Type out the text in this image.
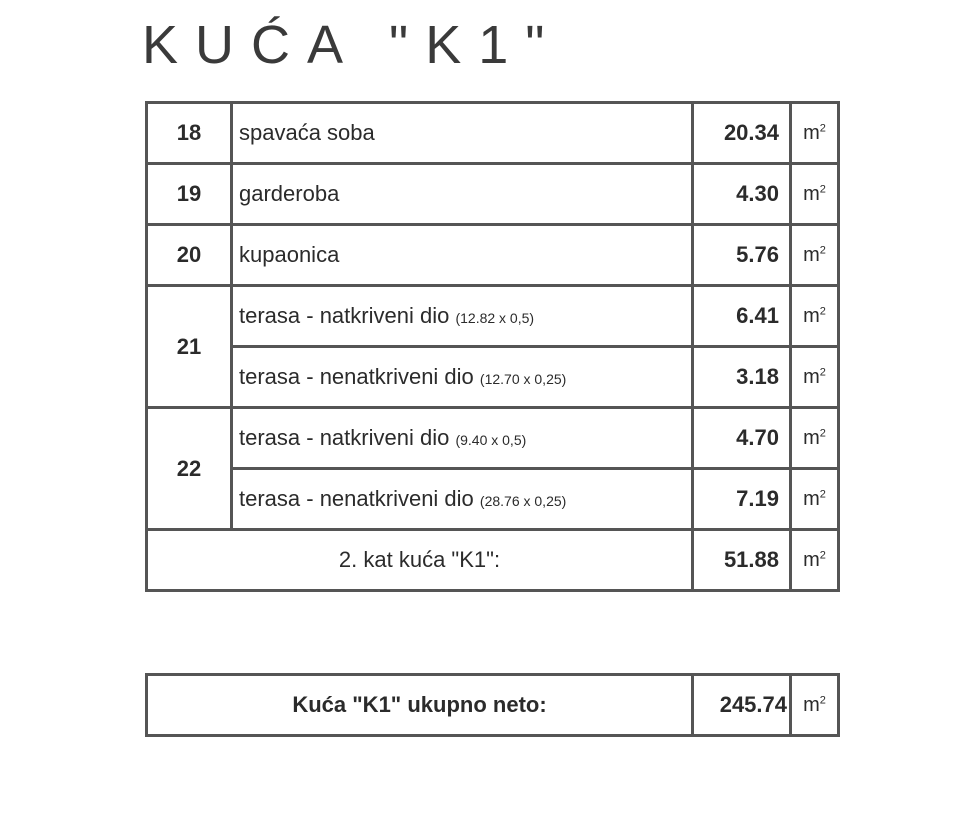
KUĆA "K1"
18	spavaća soba	20.34	$m^2$
19	garderoba	4.30	$m^2$
20	kupaonica	5.76	$m^2$
21	terasa - natkriveni dio (12.82 x 0,5)	6.41	$m^2$
	terasa - nenatkriveni dio (12.70 x 0,25)	3.18	$m^2$
22	terasa - natkriveni dio (9.40 x 0,5)	4.70	$m^2$
	terasa - nenatkriveni dio (28.76 x 0,25)	7.19	$m^2$
2. kat kuća "K1":		51.88	$m^2$
Kuća "K1" ukupno neto:	245.74	$m^2$
